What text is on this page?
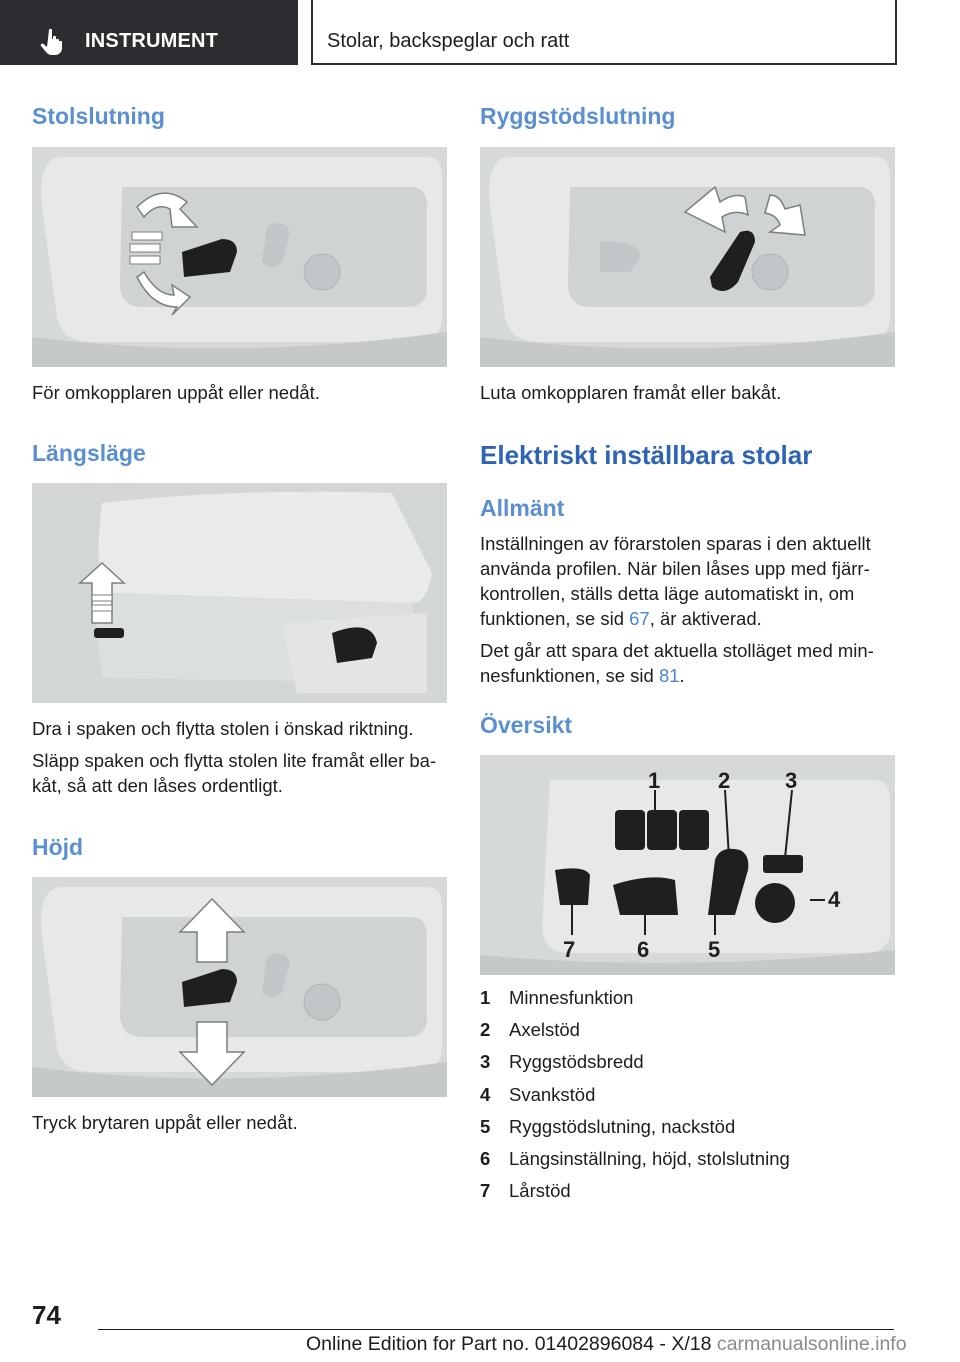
INSTRUMENT	Stolar, backspeglar och ratt
Stolslutning
För omkopplaren uppåt eller nedåt.
Längsläge
Dra i spaken och flytta stolen i önskad riktning.
Släpp spaken och flytta stolen lite framåt eller ba-
kåt, så att den låses ordentligt.
Höjd
Tryck brytaren uppåt eller nedåt.
Ryggstödslutning
Luta omkopplaren framåt eller bakåt.
Elektriskt inställbara stolar
Allmänt
Inställningen av förarstolen sparas i den aktuellt
använda profilen. När bilen låses upp med fjärr-
kontrollen, ställs detta läge automatiskt in, om
funktionen, se sid 67, är aktiverad.
Det går att spara det aktuella stolläget med min-
nesfunktionen, se sid 81.
Översikt
1	2 3
4
5
6
7
1	Minnesfunktion
2	Axelstöd
3	Ryggstödsbredd
4	Svankstöd
5	Ryggstödslutning, nackstöd
6	Längsinställning, höjd, stolslutning
7	Lårstöd
74
Online Edition for Part no. 01402896084 - X/18 carmanualsonline.info
